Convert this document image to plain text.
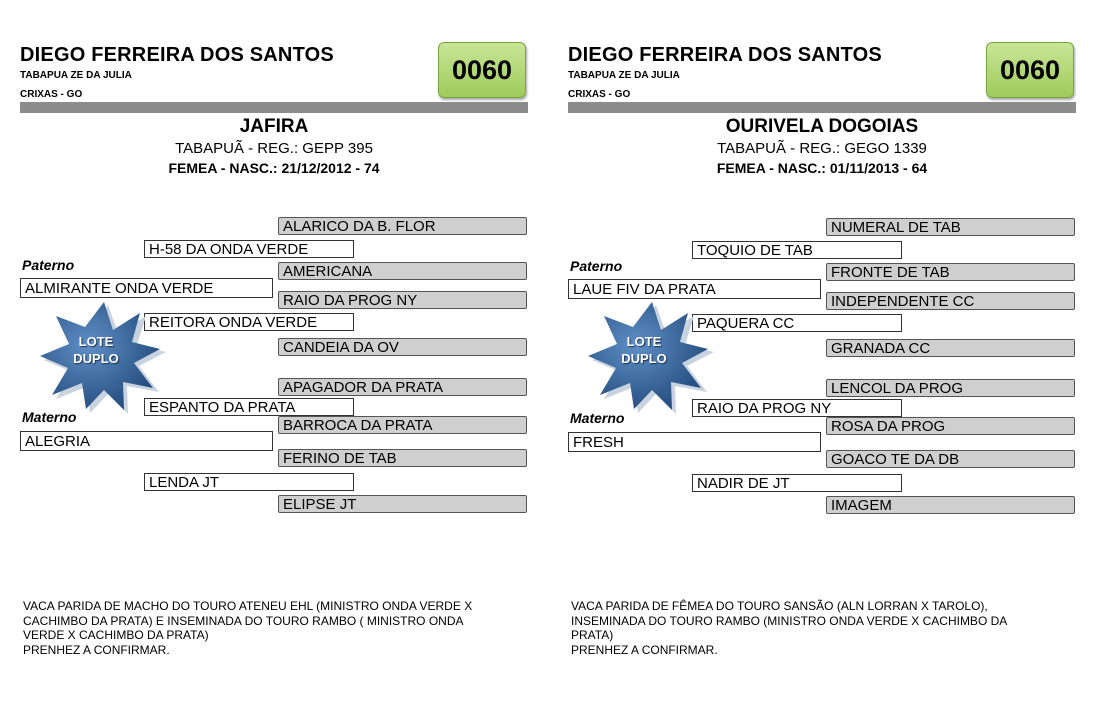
DIEGO FERREIRA DOS SANTOS
TABAPUA ZE DA JULIA
CRIXAS - GO
0060
JAFIRA
TABAPUÃ - REG.: GEPP 395
FEMEA - NASC.: 21/12/2012 - 74
ALARICO DA B. FLOR
H-58 DA ONDA VERDE
Paterno	AMERICANA
ALMIRANTE ONDA VERDE
RAIO DA PROG NY
REITORA ONDA VERDE
CANDEIA DA OV
LOTE
DUPLO
APAGADOR DA PRATA
ESPANTO DA PRATA
Materno	BARROCA DA PRATA
ALEGRIA
FERINO DE TAB
LENDA JT
ELIPSE JT
VACA PARIDA DE MACHO DO TOURO ATENEU EHL (MINISTRO ONDA VERDE X
CACHIMBO DA PRATA) E INSEMINADA DO TOURO RAMBO ( MINISTRO ONDA
VERDE X CACHIMBO DA PRATA)
PRENHEZ A CONFIRMAR.
DIEGO FERREIRA DOS SANTOS
TABAPUA ZE DA JULIA
CRIXAS - GO
0060
OURIVELA DOGOIAS
TABAPUÃ - REG.: GEGO 1339
FEMEA - NASC.: 01/11/2013 - 64
NUMERAL DE TAB
TOQUIO DE TAB
Paterno	FRONTE DE TAB
LAUE FIV DA PRATA
INDEPENDENTE CC
PAQUERA CC
GRANADA CC
LOTE
DUPLO
LENCOL DA PROG
RAIO DA PROG NY
Materno	ROSA DA PROG
FRESH
GOACO TE DA DB
NADIR DE JT
IMAGEM
VACA PARIDA DE FÊMEA DO TOURO SANSÃO (ALN LORRAN X TAROLO),
INSEMINADA DO TOURO RAMBO (MINISTRO ONDA VERDE X CACHIMBO DA
PRATA)
PRENHEZ A CONFIRMAR.
